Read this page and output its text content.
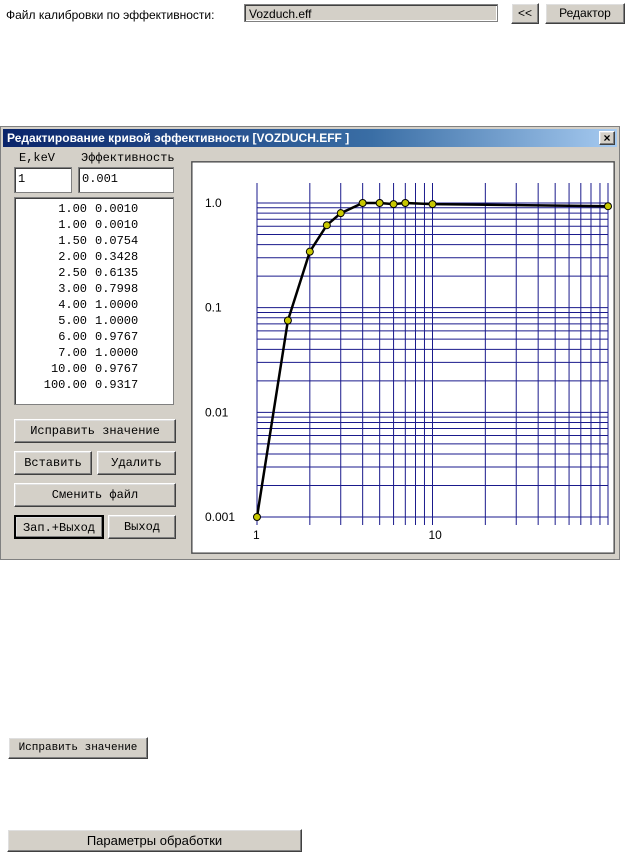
Файл калибровки по эффективности:	Vozduch.eff	<<	Редактор
Редактирование кривой эффективности [VOZDUCH.EFF ]	×
E,keV Эффективность
1	0.001
1.00 0.0010
1.00 0.0010
1.50 0.0754
2.00 0.3428
2.50 0.6135
3.00 0.7998
4.00 1.0000
5.00 1.0000
6.00 0.9767
7.00 1.0000
10.00 0.9767
100.00 0.9317
Исправить значение
Вставить	Удалить
Сменить файл
Зап.+Выход	Выход
1.0
0.1
0.01
0.001
1	10
Исправить значение
Параметры обработки
